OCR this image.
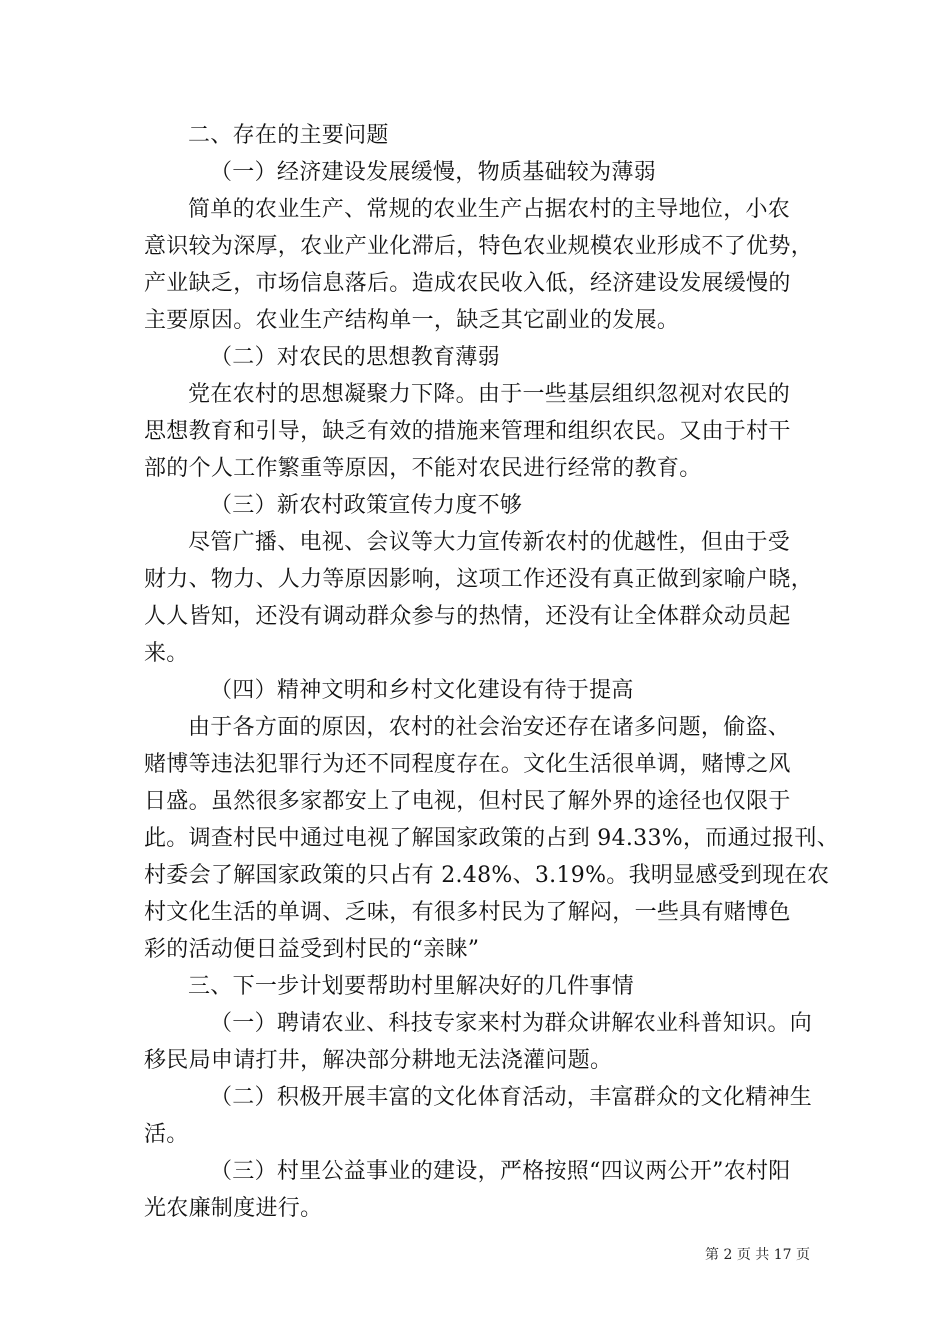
二、存在的主要问题
（一）经济建设发展缓慢，物质基础较为薄弱
简单的农业生产、常规的农业生产占据农村的主导地位，小农
意识较为深厚，农业产业化滞后，特色农业规模农业形成不了优势，
产业缺乏，市场信息落后。造成农民收入低，经济建设发展缓慢的
主要原因。农业生产结构单一，缺乏其它副业的发展。
（二）对农民的思想教育薄弱
党在农村的思想凝聚力下降。由于一些基层组织忽视对农民的
思想教育和引导，缺乏有效的措施来管理和组织农民。又由于村干
部的个人工作繁重等原因，不能对农民进行经常的教育。
（三）新农村政策宣传力度不够
尽管广播、电视、会议等大力宣传新农村的优越性，但由于受
财力、物力、人力等原因影响，这项工作还没有真正做到家喻户晓，
人人皆知，还没有调动群众参与的热情，还没有让全体群众动员起
来。
（四）精神文明和乡村文化建设有待于提高
由于各方面的原因，农村的社会治安还存在诸多问题，偷盗、
赌博等违法犯罪行为还不同程度存在。文化生活很单调，赌博之风
日盛。虽然很多家都安上了电视，但村民了解外界的途径也仅限于
此。调查村民中通过电视了解国家政策的占到 94.33%，而通过报刊、
村委会了解国家政策的只占有 2.48%、3.19%。我明显感受到现在农
村文化生活的单调、乏味，有很多村民为了解闷，一些具有赌博色
彩的活动便日益受到村民的“亲睐”
三、下一步计划要帮助村里解决好的几件事情
（一）聘请农业、科技专家来村为群众讲解农业科普知识。向
移民局申请打井，解决部分耕地无法浇灌问题。
（二）积极开展丰富的文化体育活动，丰富群众的文化精神生
活。
（三）村里公益事业的建设，严格按照“四议两公开”农村阳
光农廉制度进行。
第 2 页 共 17 页
